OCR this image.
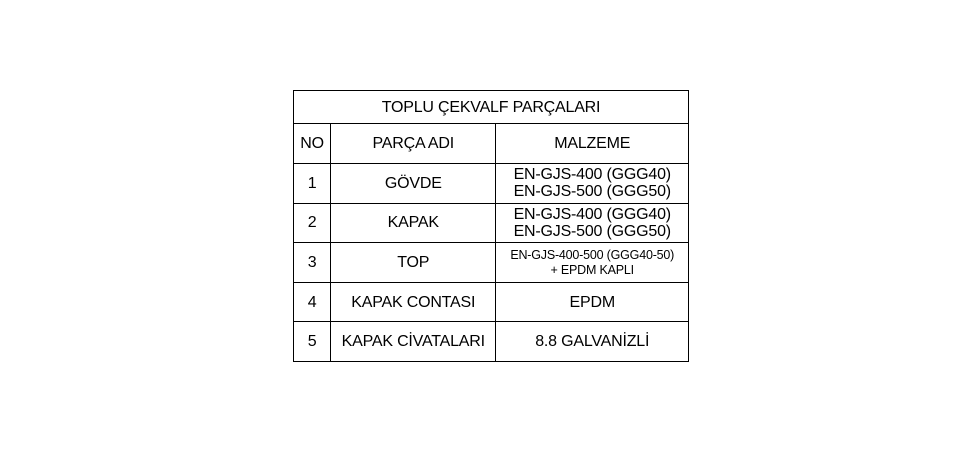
TOPLU ÇEKVALF PARÇALARI		
NO	PARÇA ADI	MALZEME
1	GÖVDE	EN-GJS-400 (GGG40)
EN-GJS-500 (GGG50)

2	KAPAK	EN-GJS-400 (GGG40)
EN-GJS-500 (GGG50)

3	TOP	EN-GJS-400-500 (GGG40-50)
+ EPDM KAPLI

4	KAPAK CONTASI	EPDM

5	KAPAK CİVATALARI	8.8 GALVANİZLİ
